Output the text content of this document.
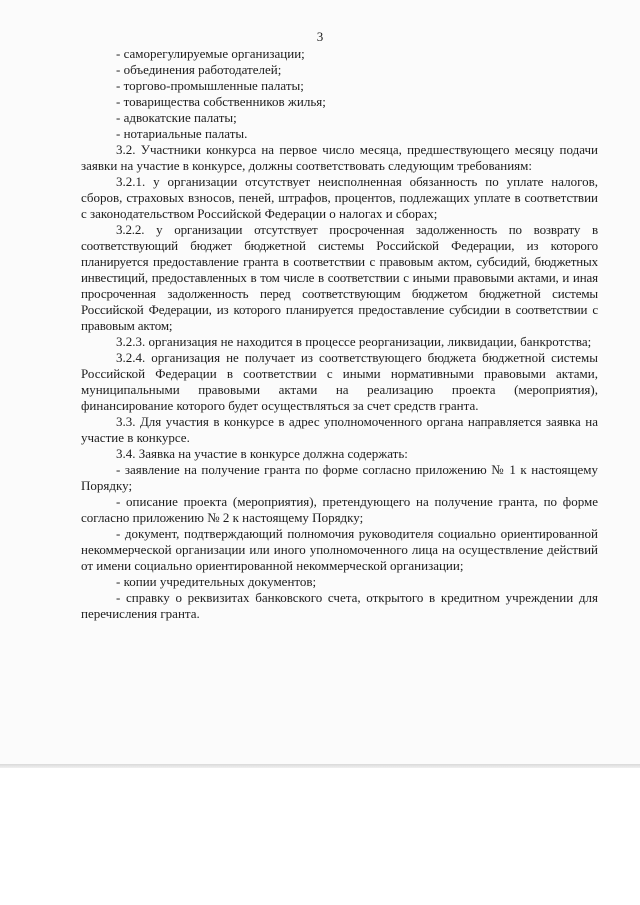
3

- саморегулируемые организации;

- объединения работодателей;

- торгово-промышленные палаты;

- товарищества собственников жилья;

- адвокатские палаты;

- нотариальные палаты.

3.2. Участники конкурса на первое число месяца, предшествующего месяцу подачи заявки на участие в конкурсе, должны соответствовать следующим требованиям:

3.2.1. у организации отсутствует неисполненная обязанность по уплате налогов, сборов, страховых взносов, пеней, штрафов, процентов, подлежащих уплате в соответствии с законодательством Российской Федерации о налогах и сборах;

3.2.2. у организации отсутствует просроченная задолженность по возврату в соответствующий бюджет бюджетной системы Российской Федерации, из которого планируется предоставление гранта в соответствии с правовым актом, субсидий, бюджетных инвестиций, предоставленных в том числе в соответствии с иными правовыми актами, и иная просроченная задолженность перед соответствующим бюджетом бюджетной системы Российской Федерации, из которого планируется предоставление субсидии в соответствии с правовым актом;

3.2.3. организация не находится в процессе реорганизации, ликвидации, банкротства;

3.2.4. организация не получает из соответствующего бюджета бюджетной системы Российской Федерации в соответствии с иными нормативными правовыми актами, муниципальными правовыми актами на реализацию проекта (мероприятия), финансирование которого будет осуществляться за счет средств гранта.

3.3. Для участия в конкурсе в адрес уполномоченного органа направляется заявка на участие в конкурсе.

3.4. Заявка на участие в конкурсе должна содержать:

- заявление на получение гранта по форме согласно приложению № 1 к настоящему Порядку;

- описание проекта (мероприятия), претендующего на получение гранта, по форме согласно приложению № 2 к настоящему Порядку;

- документ, подтверждающий полномочия руководителя социально ориентированной некоммерческой организации или иного уполномоченного лица на осуществление действий от имени социально ориентированной некоммерческой организации;

- копии учредительных документов;

- справку о реквизитах банковского счета, открытого в кредитном учреждении для перечисления гранта.
